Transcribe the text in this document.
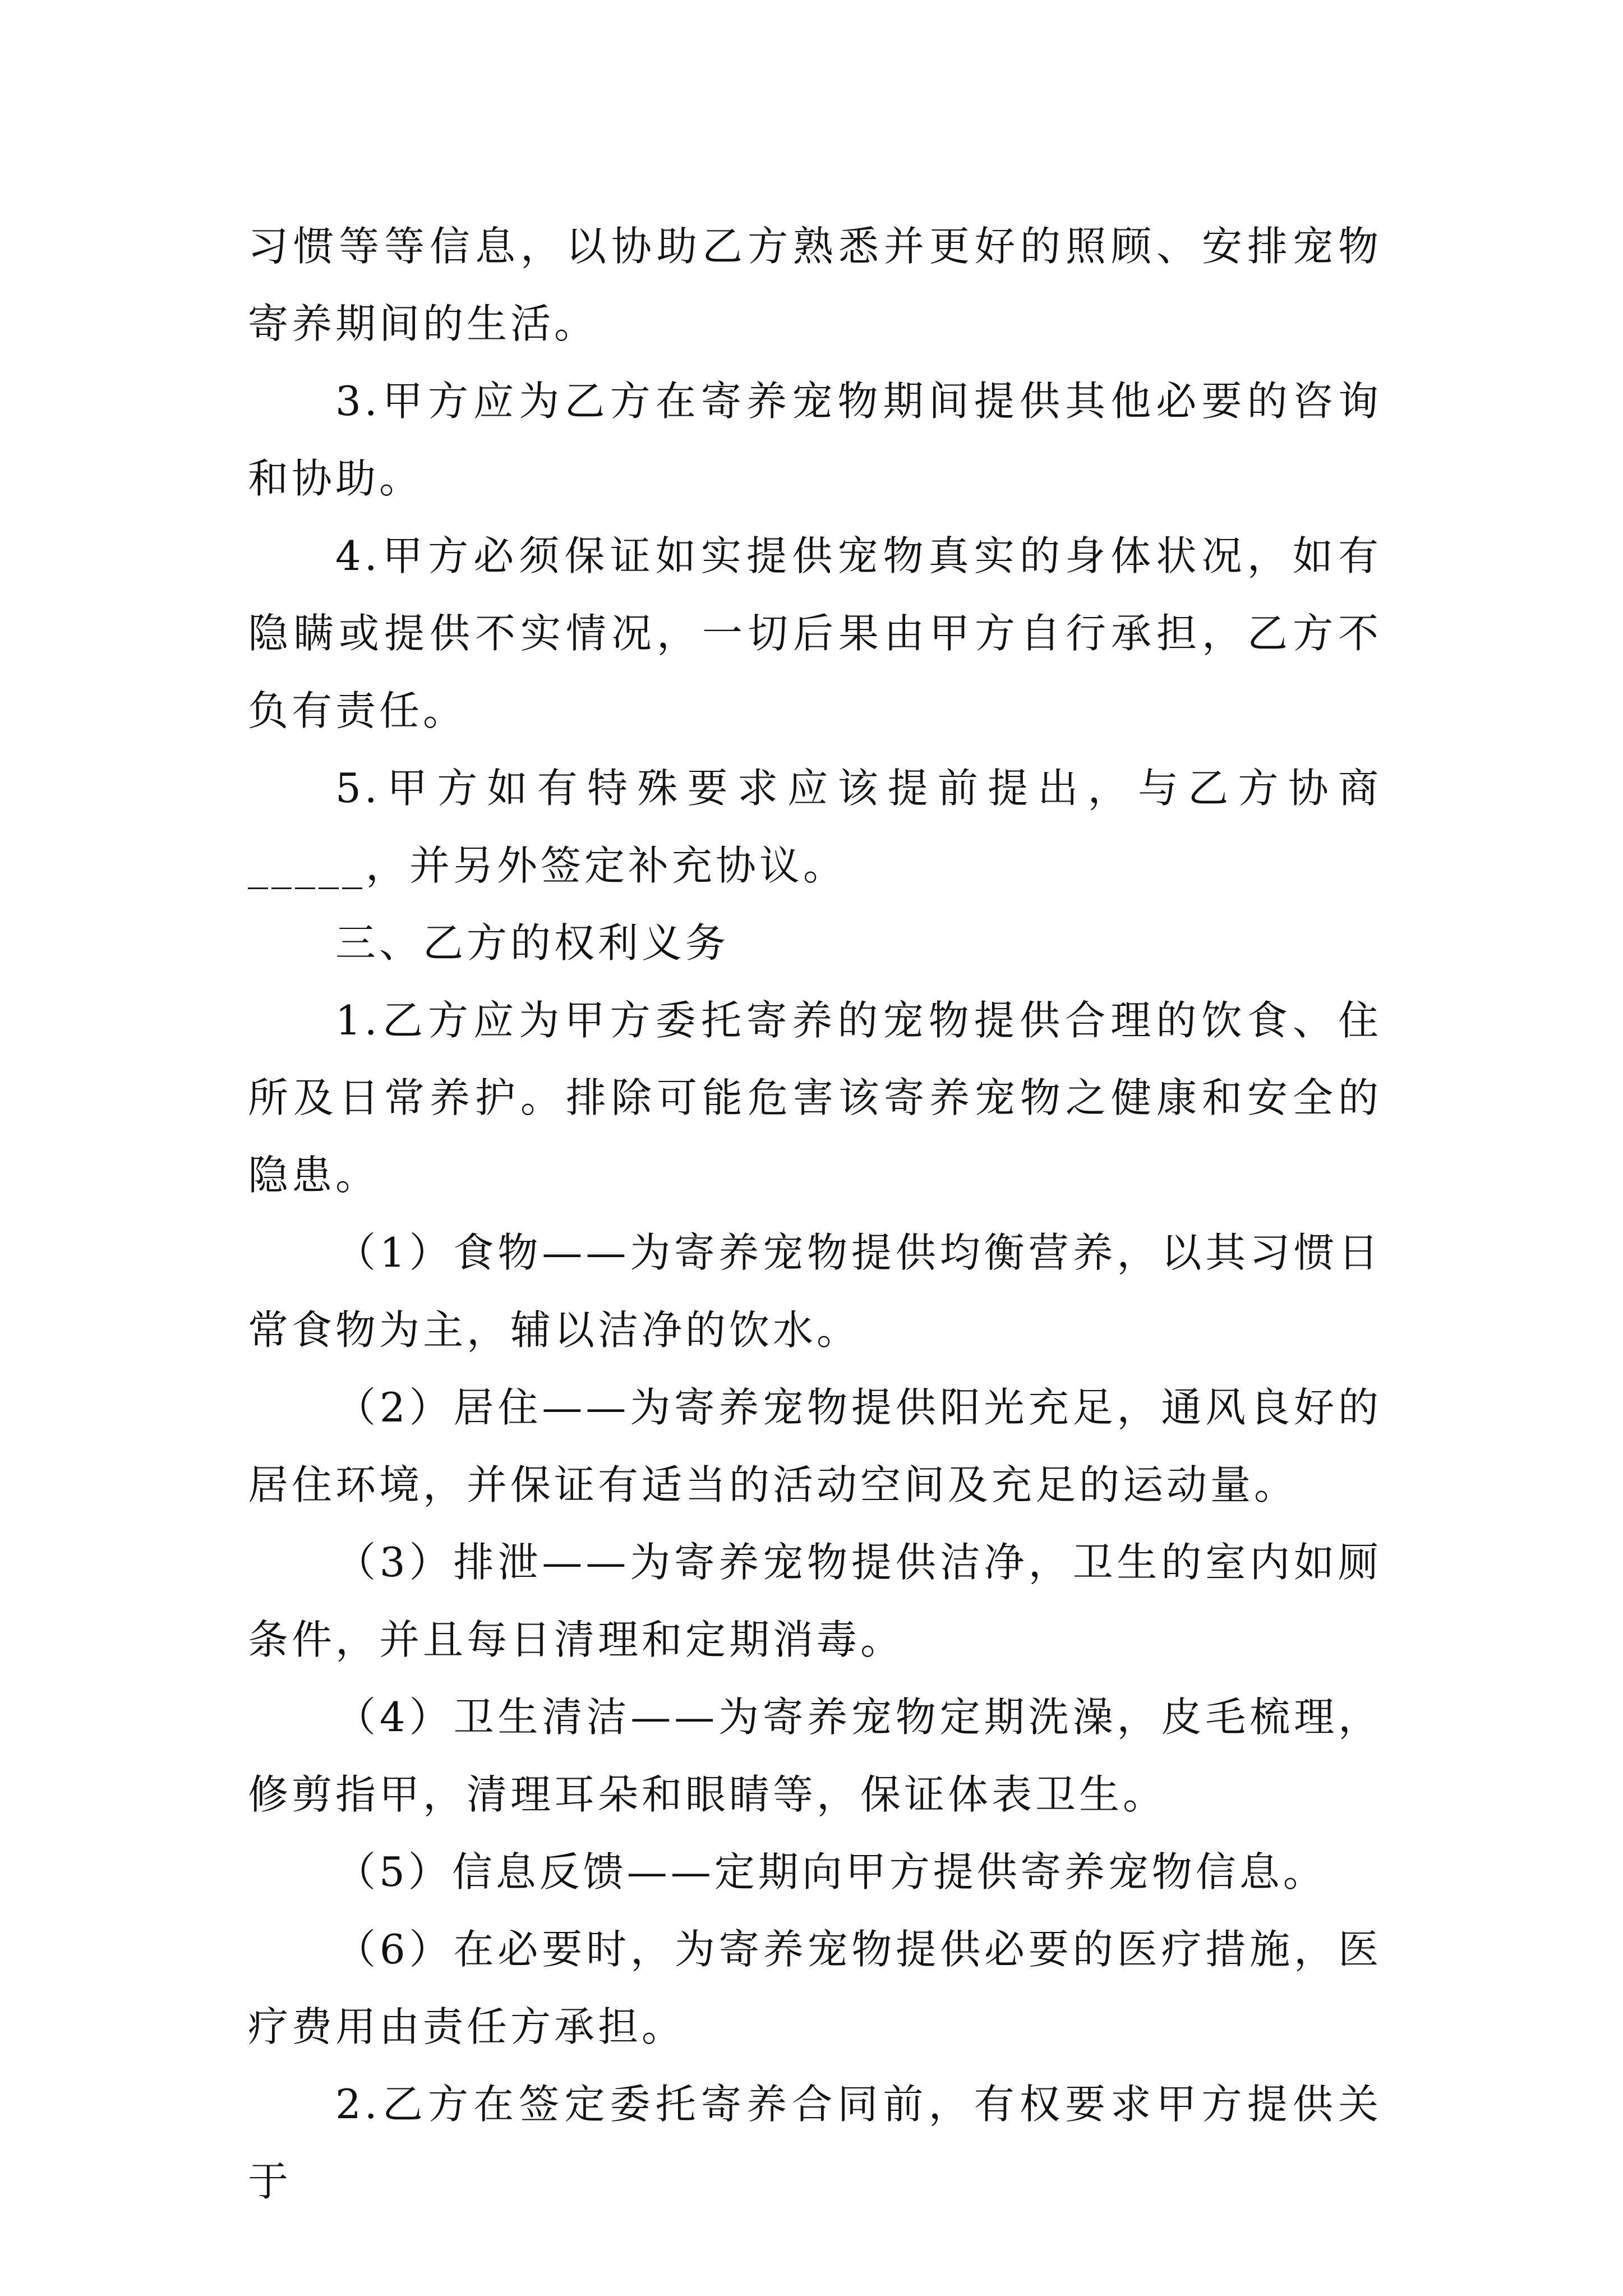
习惯等等信息，以协助乙方熟悉并更好的照顾、安排宠物寄养期间的生活。

3.甲方应为乙方在寄养宠物期间提供其他必要的咨询和协助。

4.甲方必须保证如实提供宠物真实的身体状况，如有隐瞒或提供不实情况，一切后果由甲方自行承担，乙方不负有责任。

5.甲方如有特殊要求应该提前提出，与乙方协商_____，并另外签定补充协议。

三、乙方的权利义务

1.乙方应为甲方委托寄养的宠物提供合理的饮食、住所及日常养护。排除可能危害该寄养宠物之健康和安全的隐患。

（1）食物——为寄养宠物提供均衡营养，以其习惯日常食物为主，辅以洁净的饮水。

（2）居住——为寄养宠物提供阳光充足，通风良好的居住环境，并保证有适当的活动空间及充足的运动量。

（3）排泄——为寄养宠物提供洁净，卫生的室内如厕条件，并且每日清理和定期消毒。

（4）卫生清洁——为寄养宠物定期洗澡，皮毛梳理，修剪指甲，清理耳朵和眼睛等，保证体表卫生。

（5）信息反馈——定期向甲方提供寄养宠物信息。

（6）在必要时，为寄养宠物提供必要的医疗措施，医疗费用由责任方承担。

2.乙方在签定委托寄养合同前，有权要求甲方提供关于
